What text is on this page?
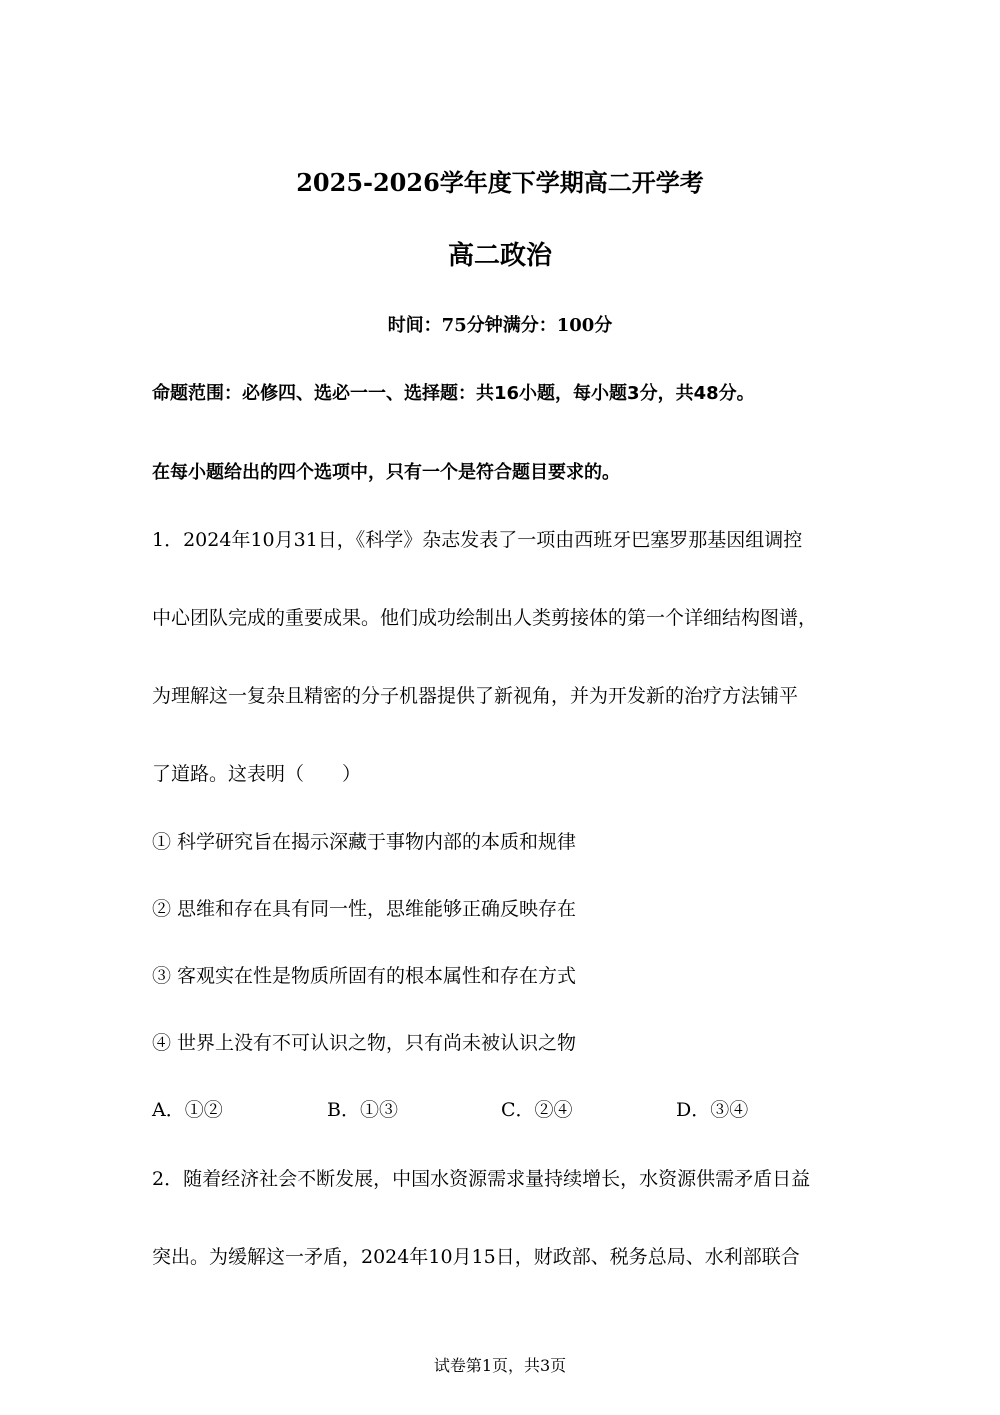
2025-2026学年度下学期高二开学考
高二政治
时间：75分钟满分：100分
命题范围：必修四、选必一一、选择题：共16小题，每小题3分，共48分。
在每小题给出的四个选项中，只有一个是符合题目要求的。
1．2024年10月31日，《科学》杂志发表了一项由西班牙巴塞罗那基因组调控
中心团队完成的重要成果。他们成功绘制出人类剪接体的第一个详细结构图谱，
为理解这一复杂且精密的分子机器提供了新视角，并为开发新的治疗方法铺平
了道路。这表明（　　）
① 科学研究旨在揭示深藏于事物内部的本质和规律
② 思维和存在具有同一性，思维能够正确反映存在
③ 客观实在性是物质所固有的根本属性和存在方式
④ 世界上没有不可认识之物，只有尚未被认识之物
A．①②	B．①③	C．②④	D．③④
2．随着经济社会不断发展，中国水资源需求量持续增长，水资源供需矛盾日益
突出。为缓解这一矛盾，2024年10月15日，财政部、税务总局、水利部联合
试卷第1页，共3页
